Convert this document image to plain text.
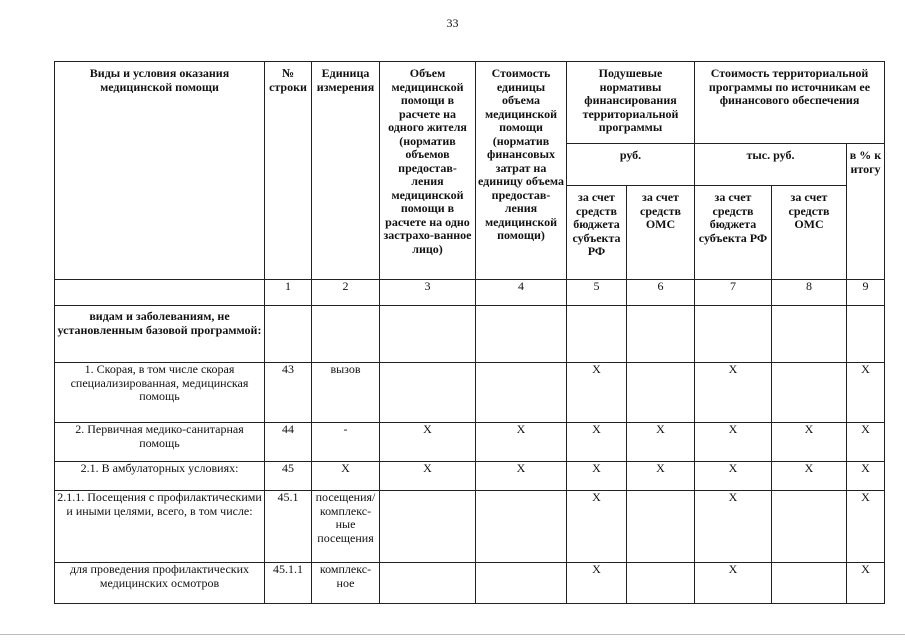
33
Виды и условия оказания медицинской помощи	№ строки	Единица измерения	Объем медицинской помощи в расчете на одного жителя (норматив объемов предостав-ления медицинской помощи в расчете на одно застрахо-ванное лицо)	Стоимость единицы объема медицинской помощи (норматив финансовых затрат на единицу объема предостав-ления медицинской помощи)	Подушевые нормативы финансирования территориальной программы		Стоимость территориальной программы по источникам ее финансового обеспечения		
					руб.		тыс. руб.		в % к итогу
					за счет средств бюджета субъекта РФ	за счет средств ОМС	за счет средств бюджета субъекта РФ	за счет средств ОМС	
	1	2	3	4	5	6	7	8	9
видам и заболеваниям, не установленным базовой программой:									
1. Скорая, в том числе скорая специализированная, медицинская помощь	43	вызов			Х		Х		Х
2. Первичная медико-санитарная помощь	44	-	Х	Х	Х	Х	Х	Х	Х
2.1. В амбулаторных условиях:	45	Х	Х	Х	Х	Х	Х	Х	Х
2.1.1. Посещения с профилактическими и иными целями, всего, в том числе:	45.1	посещения/ комплекс-ные посещения			Х		Х		Х
для проведения профилактических медицинских осмотров	45.1.1	комплекс-ное			Х		Х		Х
